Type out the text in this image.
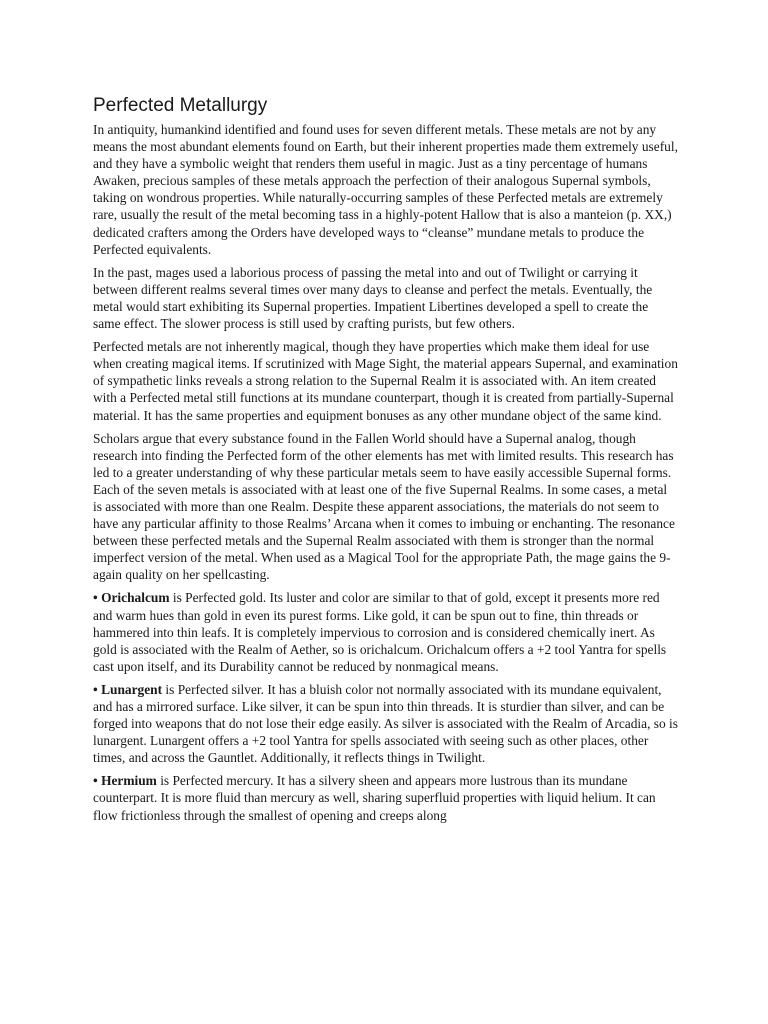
Perfected Metallurgy

In antiquity, humankind identified and found uses for seven different metals. These metals are not by any means the most abundant elements found on Earth, but their inherent properties made them extremely useful, and they have a symbolic weight that renders them useful in magic. Just as a tiny percentage of humans Awaken, precious samples of these metals approach the perfection of their analogous Supernal symbols, taking on wondrous properties. While naturally-occurring samples of these Perfected metals are extremely rare, usually the result of the metal becoming tass in a highly-potent Hallow that is also a manteion (p. XX,) dedicated crafters among the Orders have developed ways to “cleanse” mundane metals to produce the Perfected equivalents.

In the past, mages used a laborious process of passing the metal into and out of Twilight or carrying it between different realms several times over many days to cleanse and perfect the metals. Eventually, the metal would start exhibiting its Supernal properties. Impatient Libertines developed a spell to create the same effect. The slower process is still used by crafting purists, but few others.

Perfected metals are not inherently magical, though they have properties which make them ideal for use when creating magical items. If scrutinized with Mage Sight, the material appears Supernal, and examination of sympathetic links reveals a strong relation to the Supernal Realm it is associated with. An item created with a Perfected metal still functions at its mundane counterpart, though it is created from partially-Supernal material. It has the same properties and equipment bonuses as any other mundane object of the same kind.

Scholars argue that every substance found in the Fallen World should have a Supernal analog, though research into finding the Perfected form of the other elements has met with limited results. This research has led to a greater understanding of why these particular metals seem to have easily accessible Supernal forms. Each of the seven metals is associated with at least one of the five Supernal Realms. In some cases, a metal is associated with more than one Realm. Despite these apparent associations, the materials do not seem to have any particular affinity to those Realms’ Arcana when it comes to imbuing or enchanting. The resonance between these perfected metals and the Supernal Realm associated with them is stronger than the normal imperfect version of the metal. When used as a Magical Tool for the appropriate Path, the mage gains the 9-again quality on her spellcasting.

• Orichalcum is Perfected gold. Its luster and color are similar to that of gold, except it presents more red and warm hues than gold in even its purest forms. Like gold, it can be spun out to fine, thin threads or hammered into thin leafs. It is completely impervious to corrosion and is considered chemically inert. As gold is associated with the Realm of Aether, so is orichalcum. Orichalcum offers a +2 tool Yantra for spells cast upon itself, and its Durability cannot be reduced by nonmagical means.

• Lunargent is Perfected silver. It has a bluish color not normally associated with its mundane equivalent, and has a mirrored surface. Like silver, it can be spun into thin threads. It is sturdier than silver, and can be forged into weapons that do not lose their edge easily. As silver is associated with the Realm of Arcadia, so is lunargent. Lunargent offers a +2 tool Yantra for spells associated with seeing such as other places, other times, and across the Gauntlet. Additionally, it reflects things in Twilight.

• Hermium is Perfected mercury. It has a silvery sheen and appears more lustrous than its mundane counterpart. It is more fluid than mercury as well, sharing superfluid properties with liquid helium. It can flow frictionless through the smallest of opening and creeps along
